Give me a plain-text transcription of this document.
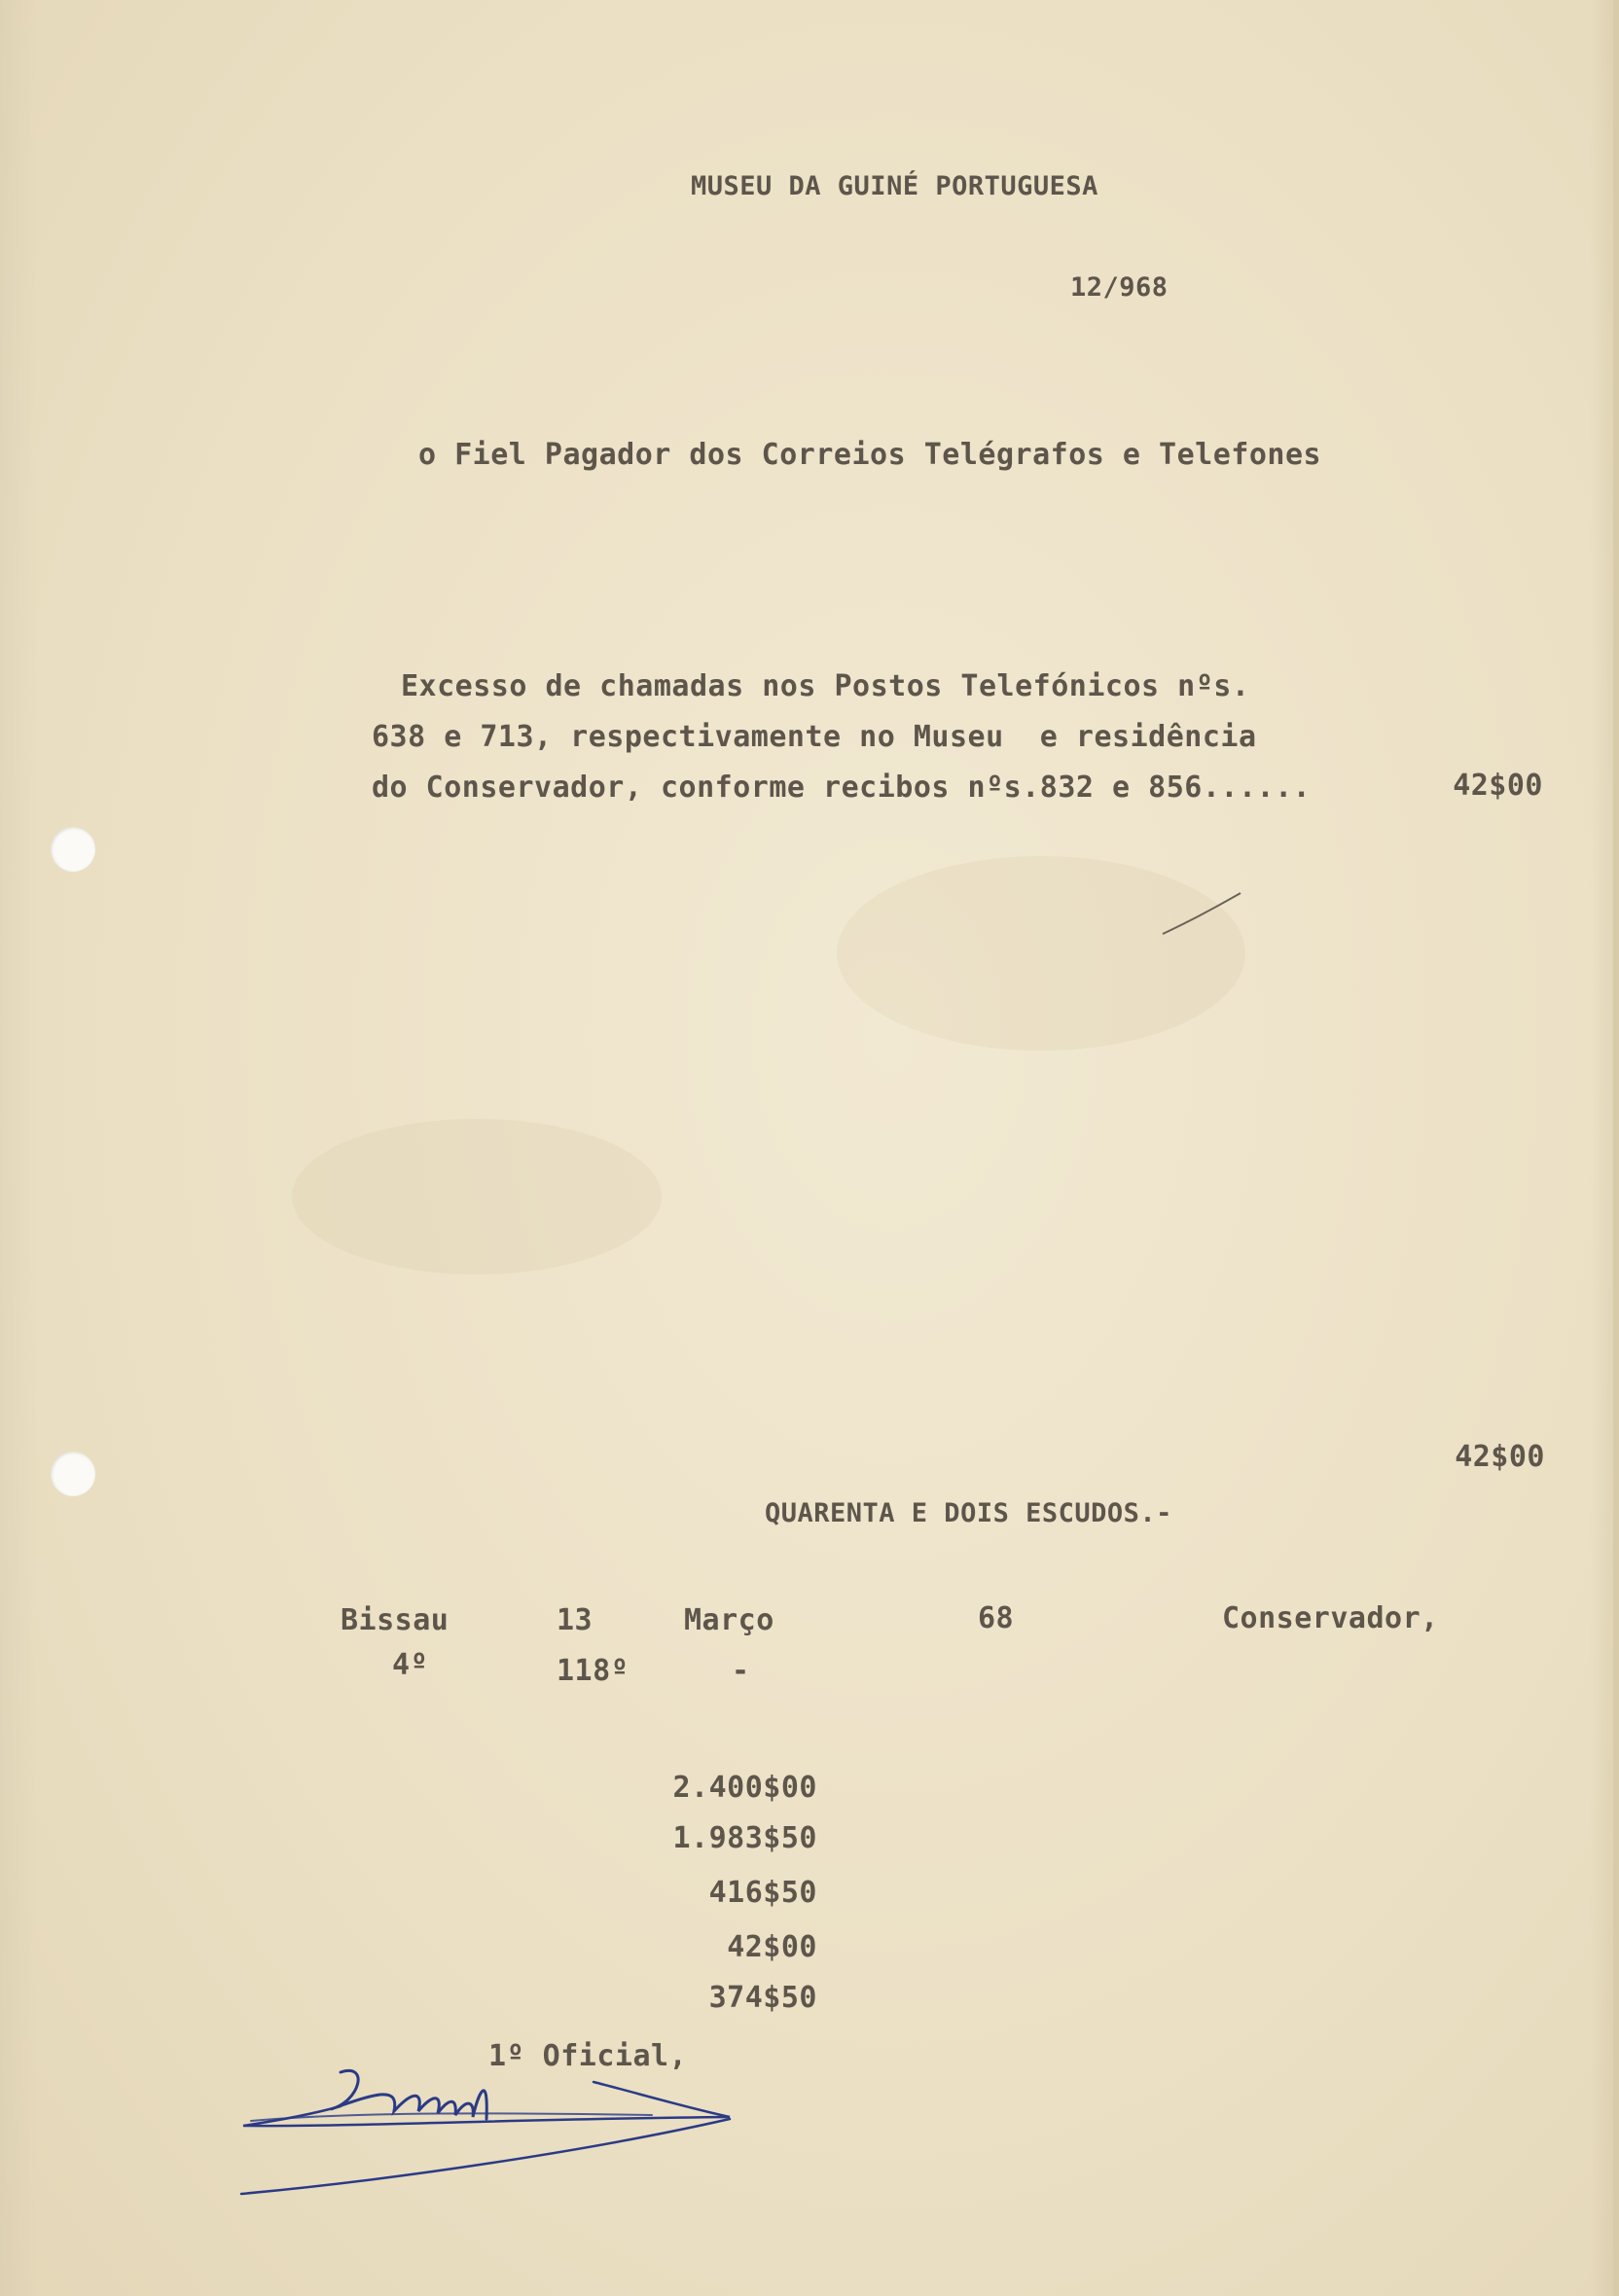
MUSEU DA GUINÉ PORTUGUESA
12/968
o Fiel Pagador dos Correios Telégrafos e Telefones
Excesso de chamadas nos Postos Telefónicos nºs.
638 e 713, respectivamente no Museu  e residência
do Conservador, conforme recibos nºs.832 e 856......	42$00
42$00
QUARENTA E DOIS ESCUDOS.-
Bissau	13	Março	68	Conservador,
4º	118º	-
2.400$00
1.983$50
416$50
42$00
374$50
1º Oficial,
